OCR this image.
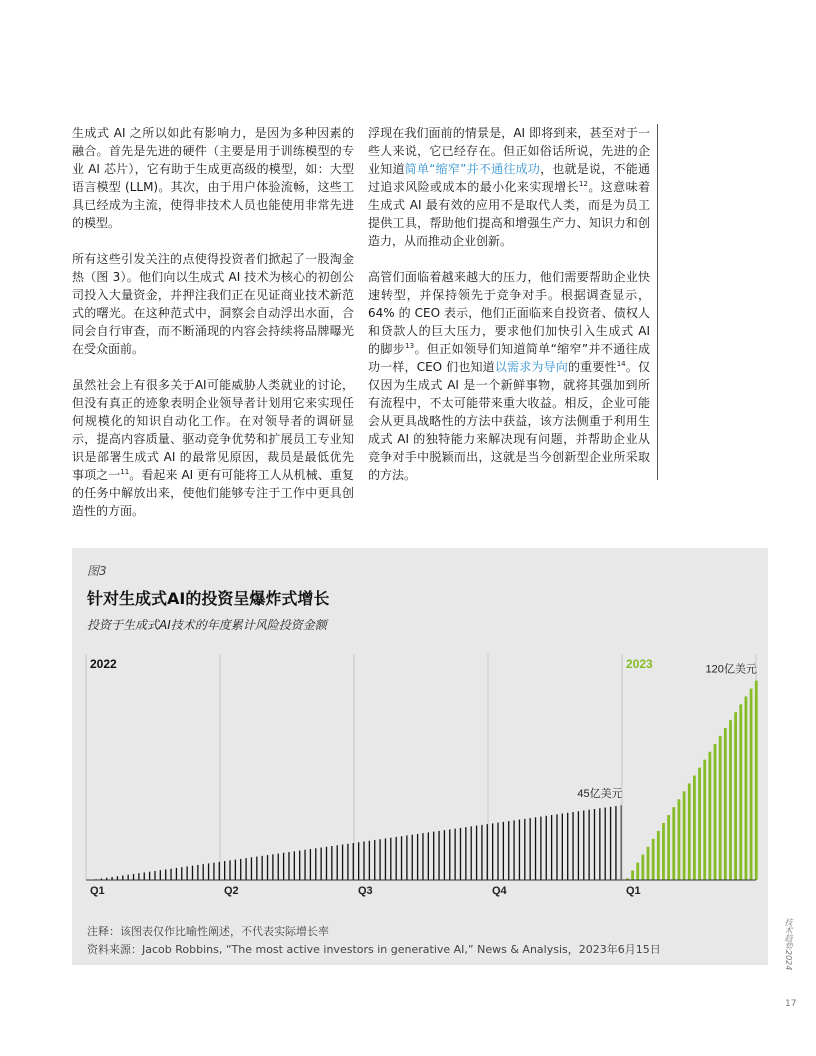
生成式 AI 之所以如此有影响力，是因为多种因素的融合。首先是先进的硬件（主要是用于训练模型的专业 AI 芯片），它有助于生成更高级的模型，如：大型语言模型 (LLM)。其次，由于用户体验流畅，这些工具已经成为主流，使得非技术人员也能使用非常先进的模型。

所有这些引发关注的点使得投资者们掀起了一股淘金热（图 3）。他们向以生成式 AI 技术为核心的初创公司投入大量资金，并押注我们正在见证商业技术新范式的曙光。在这种范式中，洞察会自动浮出水面，合同会自行审查，而不断涌现的内容会持续将品牌曝光在受众面前。

虽然社会上有很多关于AI可能威胁人类就业的讨论，但没有真正的迹象表明企业领导者计划用它来实现任何规模化的知识自动化工作。在对领导者的调研显示，提高内容质量、驱动竞争优势和扩展员工专业知识是部署生成式 AI 的最常见原因，裁员是最低优先事项之一$^{11}$。看起来 AI 更有可能将工人从机械、重复的任务中解放出来，使他们能够专注于工作中更具创造性的方面。

浮现在我们面前的情景是，AI 即将到来，甚至对于一些人来说，它已经存在。但正如俗话所说，先进的企业知道简单“缩窄”并不通往成功，也就是说，不能通过追求风险或成本的最小化来实现增长$^{12}$。这意味着生成式 AI 最有效的应用不是取代人类，而是为员工提供工具，帮助他们提高和增强生产力、知识力和创造力，从而推动企业创新。

高管们面临着越来越大的压力，他们需要帮助企业快速转型，并保持领先于竞争对手。根据调查显示，64% 的 CEO 表示，他们正面临来自投资者、债权人和贷款人的巨大压力，要求他们加快引入生成式 AI 的脚步$^{13}$。但正如领导们知道简单“缩窄”并不通往成功一样，CEO 们也知道以需求为导向的重要性$^{14}$。仅仅因为生成式 AI 是一个新鲜事物，就将其强加到所有流程中，不太可能带来重大收益。相反，企业可能会从更具战略性的方法中获益，该方法侧重于利用生成式 AI 的独特能力来解决现有问题，并帮助企业从竞争对手中脱颖而出，这就是当今创新型企业所采取的方法。

图3
针对生成式AI的投资呈爆炸式增长
投资于生成式AI技术的年度累计风险投资金额
Q1	Q2	Q3	Q4
2022
45亿美元
Q1
2023	120亿美元
注释：该图表仅作比喻性阐述，不代表实际增长率
资料来源：Jacob Robbins, “The most active investors in generative AI,” News & Analysis，2023年6月15日	技术趋势2024
17
